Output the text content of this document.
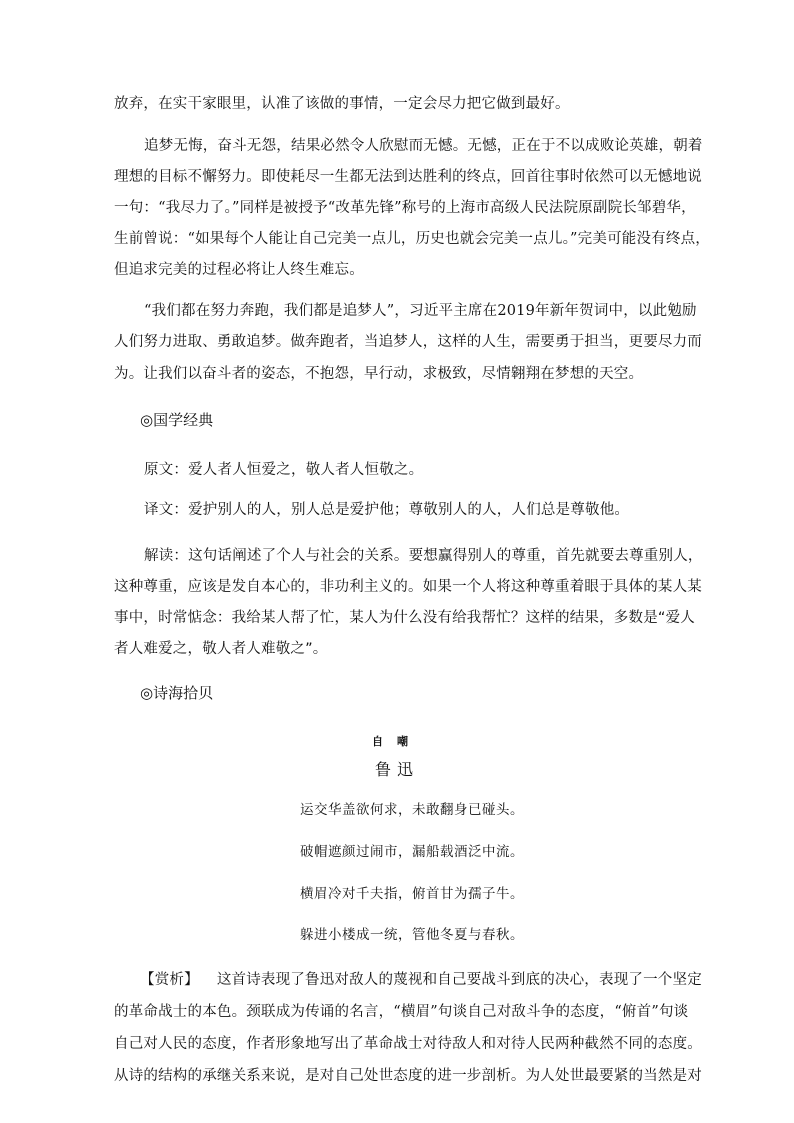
放弃，在实干家眼里，认准了该做的事情，一定会尽力把它做到最好。
追梦无悔，奋斗无怨，结果必然令人欣慰而无憾。无憾，正在于不以成败论英雄，朝着
理想的目标不懈努力。即使耗尽一生都无法到达胜利的终点，回首往事时依然可以无憾地说
一句：“我尽力了。”同样是被授予“改革先锋”称号的上海市高级人民法院原副院长邹碧华，
生前曾说：“如果每个人能让自己完美一点儿，历史也就会完美一点儿。”完美可能没有终点，
但追求完美的过程必将让人终生难忘。
“我们都在努力奔跑，我们都是追梦人”，习近平主席在2019年新年贺词中，以此勉励
人们努力进取、勇敢追梦。做奔跑者，当追梦人，这样的人生，需要勇于担当，更要尽力而
为。让我们以奋斗者的姿态，不抱怨，早行动，求极致，尽情翱翔在梦想的天空。
◎国学经典
原文：爱人者人恒爱之，敬人者人恒敬之。
译文：爱护别人的人，别人总是爱护他；尊敬别人的人，人们总是尊敬他。
解读：这句话阐述了个人与社会的关系。要想赢得别人的尊重，首先就要去尊重别人，
这种尊重，应该是发自本心的，非功利主义的。如果一个人将这种尊重着眼于具体的某人某
事中，时常惦念：我给某人帮了忙，某人为什么没有给我帮忙？这样的结果，多数是“爱人
者人难爱之，敬人者人难敬之”。
◎诗海拾贝
自嘲
鲁迅
运交华盖欲何求，未敢翻身已碰头。
破帽遮颜过闹市，漏船载酒泛中流。
横眉冷对千夫指，俯首甘为孺子牛。
躲进小楼成一统，管他冬夏与春秋。
【赏析】 这首诗表现了鲁迅对敌人的蔑视和自己要战斗到底的决心，表现了一个坚定
的革命战士的本色。颈联成为传诵的名言，“横眉”句谈自己对敌斗争的态度，“俯首”句谈
自己对人民的态度，作者形象地写出了革命战士对待敌人和对待人民两种截然不同的态度。
从诗的结构的承继关系来说，是对自己处世态度的进一步剖析。为人处世最要紧的当然是对
